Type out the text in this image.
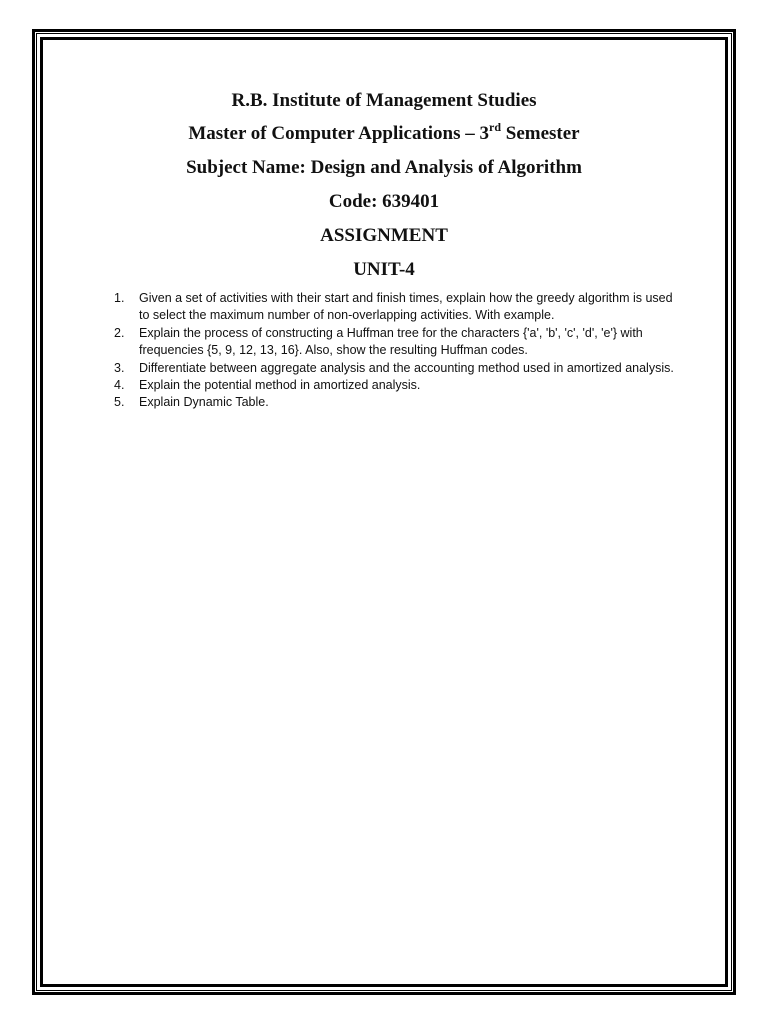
R.B. Institute of Management Studies
Master of Computer Applications – 3rd Semester
Subject Name: Design and Analysis of Algorithm
Code: 639401
ASSIGNMENT
UNIT-4
1. Given a set of activities with their start and finish times, explain how the greedy algorithm is used to select the maximum number of non-overlapping activities. With example.
2. Explain the process of constructing a Huffman tree for the characters {'a', 'b', 'c', 'd', 'e'} with frequencies {5, 9, 12, 13, 16}. Also, show the resulting Huffman codes.
3. Differentiate between aggregate analysis and the accounting method used in amortized analysis.
4. Explain the potential method in amortized analysis.
5. Explain Dynamic Table.
